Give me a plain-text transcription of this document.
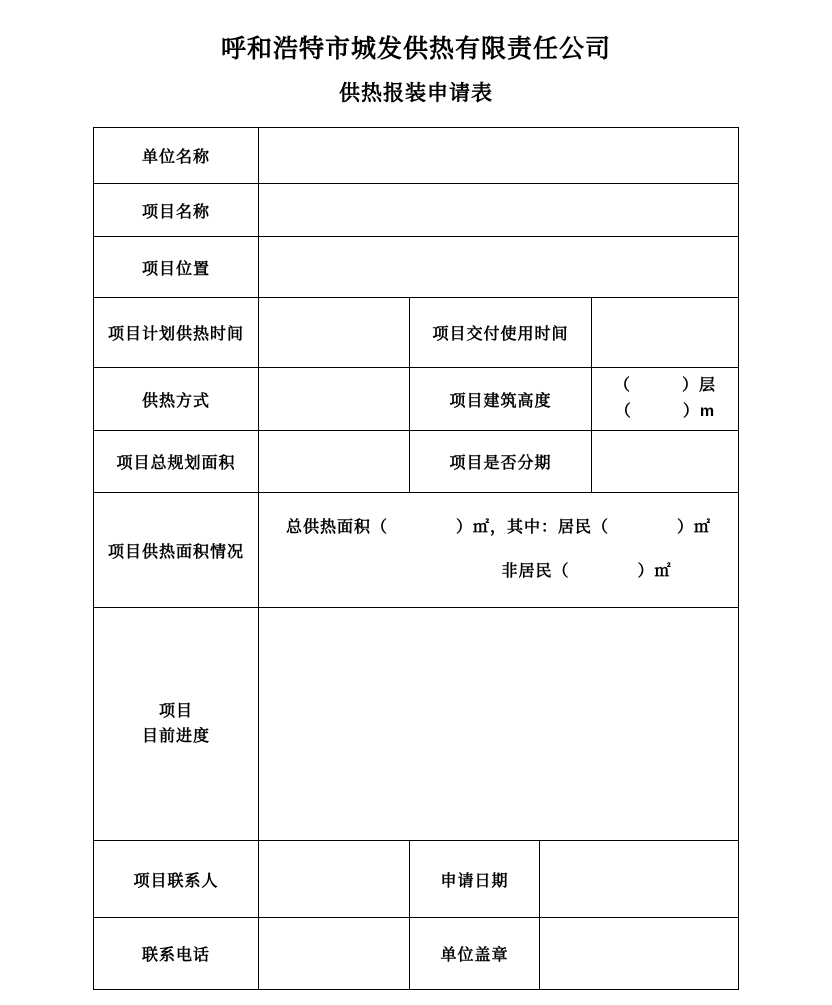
呼和浩特市城发供热有限责任公司
供热报装申请表
单位名称				
项目名称				
项目位置				
项目计划供热时间		项目交付使用时间		
供热方式		项目建筑高度		（　　　）层
（　　　）m

项目总规划面积		项目是否分期		
项目供热面积情况	总供热面积（　　　　）㎡，其中：居民（　　　　）㎡
非居民（　　　　）㎡			

项目
目前进度				

项目联系人		申请日期		
联系电话		单位盖章		
